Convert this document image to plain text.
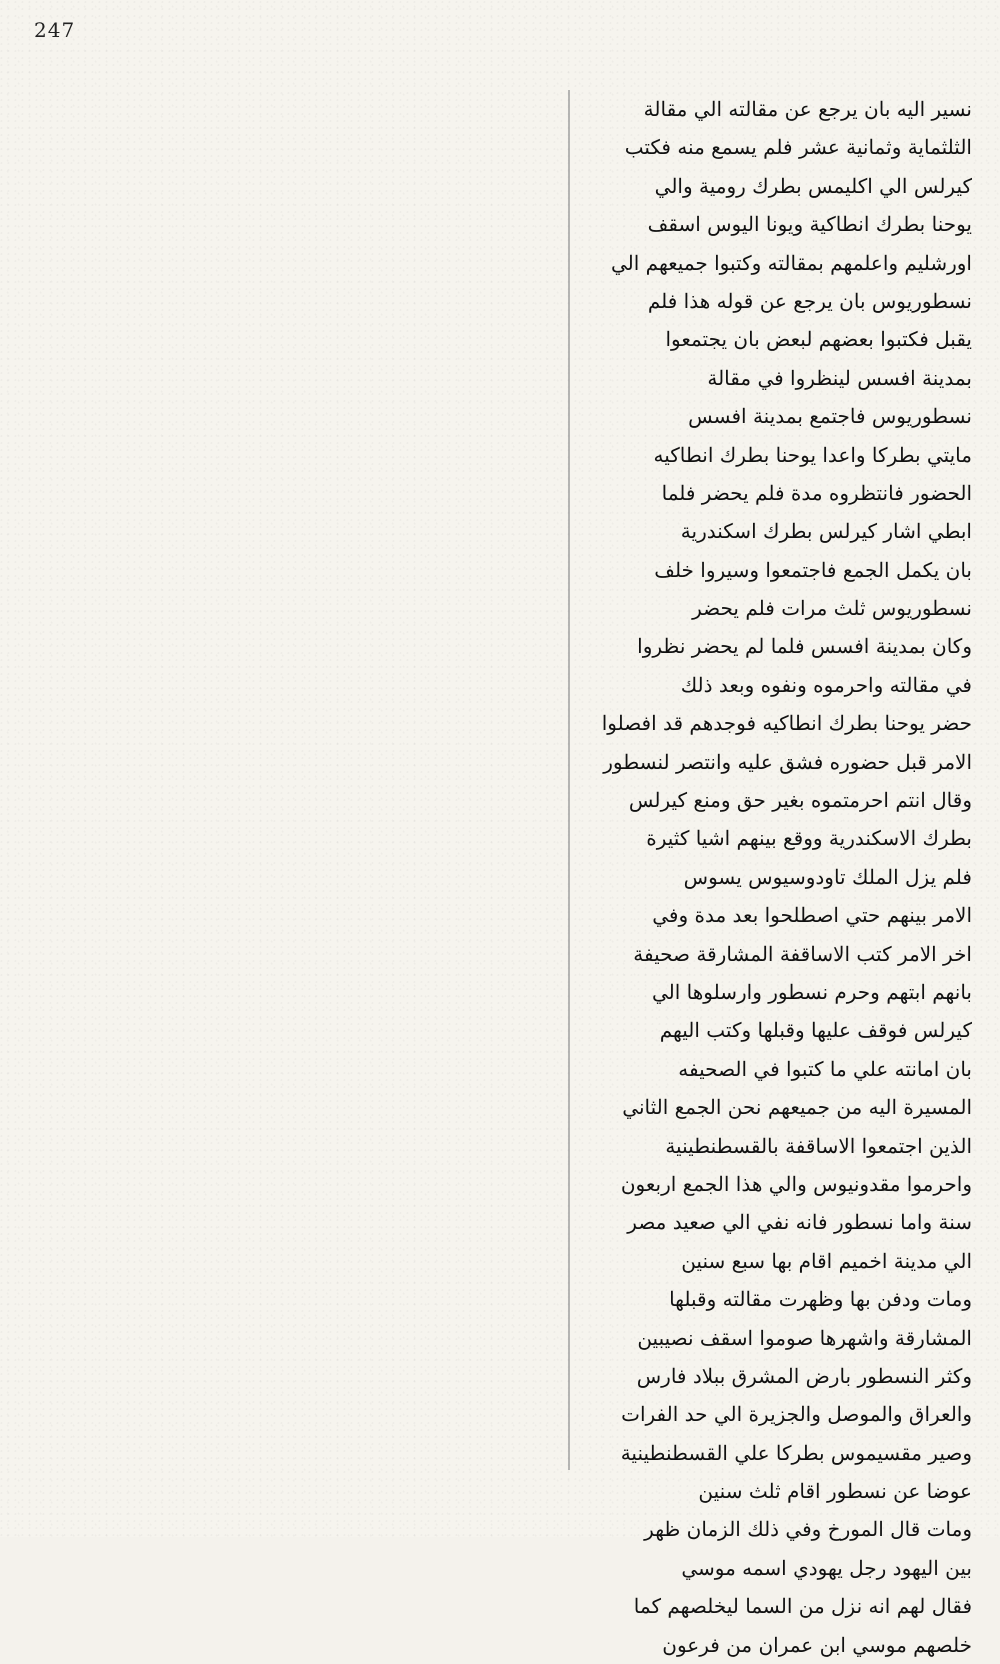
247
نسير اليه بان يرجع عن مقالته الي مقالة
الثلثماية وثمانية عشر فلم يسمع منه فكتب
كيرلس الي اكليمس بطرك رومية والي
يوحنا بطرك انطاكية ويونا اليوس اسقف
اورشليم واعلمهم بمقالته وكتبوا جميعهم الي
نسطوريوس بان يرجع عن قوله هذا فلم
يقبل فكتبوا بعضهم لبعض بان يجتمعوا
بمدينة افسس لينظروا في مقالة
نسطوريوس فاجتمع بمدينة افسس
مايتي بطركا واعدا يوحنا بطرك انطاكيه
الحضور فانتظروه مدة فلم يحضر فلما
ابطي اشار كيرلس بطرك اسكندرية
بان يكمل الجمع فاجتمعوا وسيروا خلف
نسطوريوس ثلث مرات فلم يحضر
وكان بمدينة افسس فلما لم يحضر نظروا
في مقالته واحرموه ونفوه وبعد ذلك
حضر يوحنا بطرك انطاكيه فوجدهم قد افصلوا
الامر قبل حضوره فشق عليه وانتصر لنسطور
وقال انتم احرمتموه بغير حق ومنع كيرلس
بطرك الاسكندرية ووقع بينهم اشيا كثيرة
فلم يزل الملك تاودوسيوس يسوس
الامر بينهم حتي اصطلحوا بعد مدة وفي
اخر الامر كتب الاساقفة المشارقة صحيفة
بانهم ابتهم وحرم نسطور وارسلوها الي
كيرلس فوقف عليها وقبلها وكتب اليهم
بان امانته علي ما كتبوا في الصحيفه
المسيرة اليه من جميعهم نحن الجمع الثاني
الذين اجتمعوا الاساقفة بالقسطنطينية
واحرموا مقدونيوس والي هذا الجمع اربعون
سنة واما نسطور فانه نفي الي صعيد مصر
الي مدينة اخميم اقام بها سبع سنين
ومات ودفن بها وظهرت مقالته وقبلها
المشارقة واشهرها صوموا اسقف نصيبين
وكثر النسطور بارض المشرق ببلاد فارس
والعراق والموصل والجزيرة الي حد الفرات
وصير مقسيموس بطركا علي القسطنطينية
عوضا عن نسطور اقام ثلث سنين
ومات قال المورخ وفي ذلك الزمان ظهر
بين اليهود رجل يهودي اسمه موسي
فقال لهم انه نزل من السما ليخلصهم كما
خلصهم موسي ابن عمران من فرعون
